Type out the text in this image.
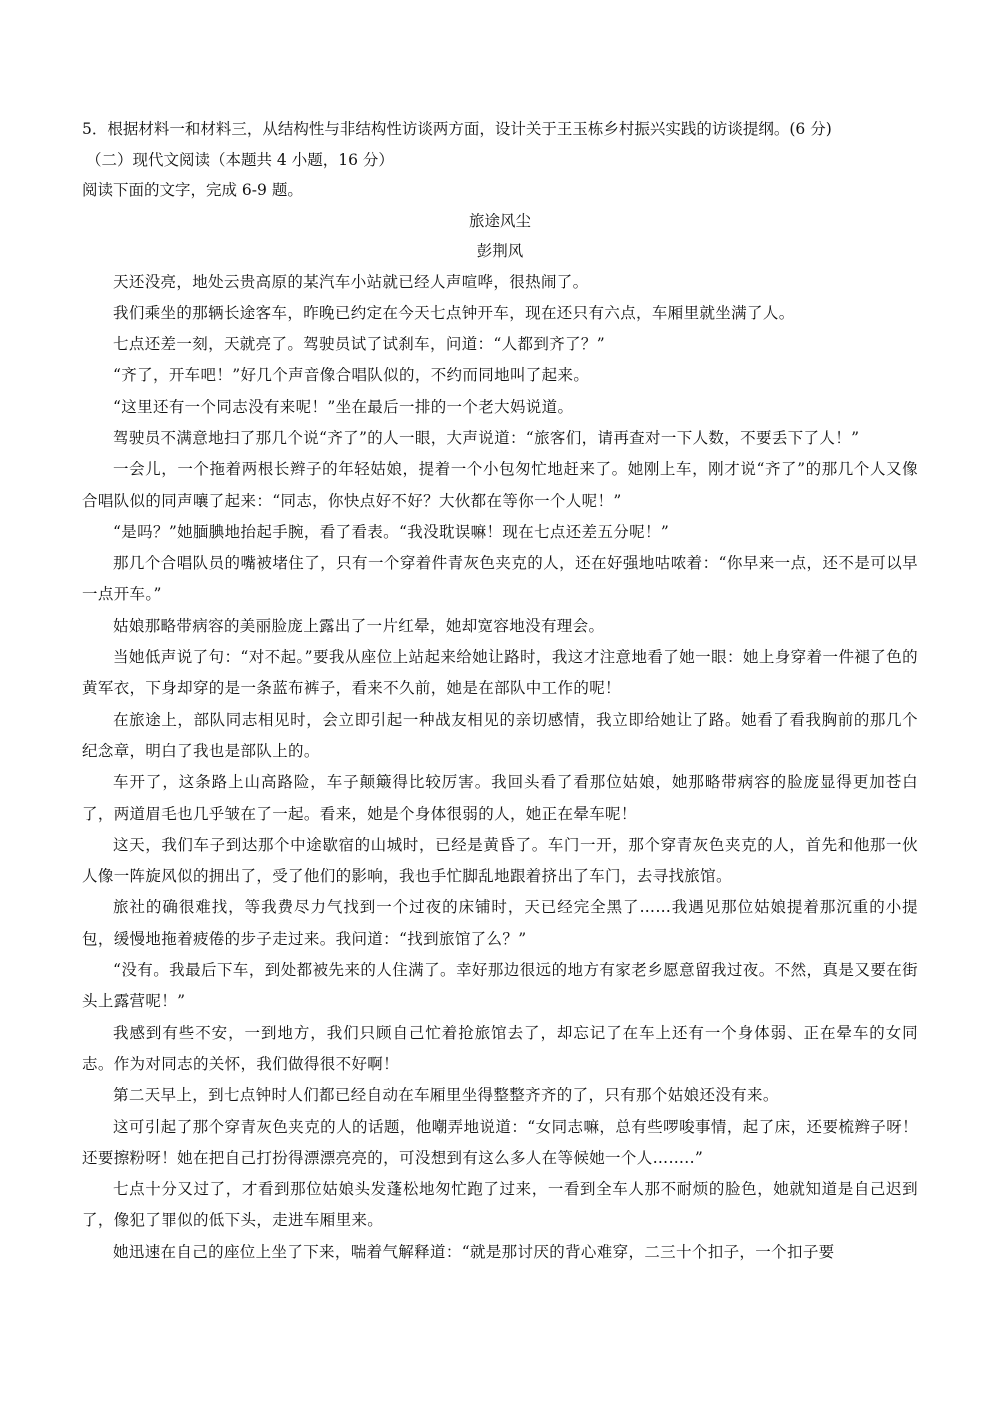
5．根据材料一和材料三，从结构性与非结构性访谈两方面，设计关于王玉栋乡村振兴实践的访谈提纲。(6 分)

（二）现代文阅读（本题共 4 小题，16 分）

阅读下面的文字，完成 6-9 题。

旅途风尘

彭荆风

天还没亮，地处云贵高原的某汽车小站就已经人声喧哗，很热闹了。

我们乘坐的那辆长途客车，昨晚已约定在今天七点钟开车，现在还只有六点，车厢里就坐满了人。

七点还差一刻，天就亮了。驾驶员试了试刹车，问道：“人都到齐了？”

“齐了，开车吧！”好几个声音像合唱队似的，不约而同地叫了起来。

“这里还有一个同志没有来呢！”坐在最后一排的一个老大妈说道。

驾驶员不满意地扫了那几个说“齐了”的人一眼，大声说道：“旅客们，请再查对一下人数，不要丢下了人！”

一会儿，一个拖着两根长辫子的年轻姑娘，提着一个小包匆忙地赶来了。她刚上车，刚才说“齐了”的那几个人又像合唱队似的同声嚷了起来：“同志，你快点好不好？大伙都在等你一个人呢！”

“是吗？”她腼腆地抬起手腕，看了看表。“我没耽误嘛！现在七点还差五分呢！”

那几个合唱队员的嘴被堵住了，只有一个穿着件青灰色夹克的人，还在好强地咕哝着：“你早来一点，还不是可以早一点开车。”

姑娘那略带病容的美丽脸庞上露出了一片红晕，她却宽容地没有理会。

当她低声说了句：“对不起。”要我从座位上站起来给她让路时，我这才注意地看了她一眼：她上身穿着一件褪了色的黄军衣，下身却穿的是一条蓝布裤子，看来不久前，她是在部队中工作的呢！

在旅途上，部队同志相见时，会立即引起一种战友相见的亲切感情，我立即给她让了路。她看了看我胸前的那几个纪念章，明白了我也是部队上的。

车开了，这条路上山高路险，车子颠簸得比较厉害。我回头看了看那位姑娘，她那略带病容的脸庞显得更加苍白了，两道眉毛也几乎皱在了一起。看来，她是个身体很弱的人，她正在晕车呢！

这天，我们车子到达那个中途歇宿的山城时，已经是黄昏了。车门一开，那个穿青灰色夹克的人，首先和他那一伙人像一阵旋风似的拥出了，受了他们的影响，我也手忙脚乱地跟着挤出了车门，去寻找旅馆。

旅社的确很难找，等我费尽力气找到一个过夜的床铺时，天已经完全黑了……我遇见那位姑娘提着那沉重的小提包，缓慢地拖着疲倦的步子走过来。我问道：“找到旅馆了么？”

“没有。我最后下车，到处都被先来的人住满了。幸好那边很远的地方有家老乡愿意留我过夜。不然，真是又要在街头上露营呢！”

我感到有些不安，一到地方，我们只顾自己忙着抢旅馆去了，却忘记了在车上还有一个身体弱、正在晕车的女同志。作为对同志的关怀，我们做得很不好啊！

第二天早上，到七点钟时人们都已经自动在车厢里坐得整整齐齐的了，只有那个姑娘还没有来。

这可引起了那个穿青灰色夹克的人的话题，他嘲弄地说道：“女同志嘛，总有些啰唆事情，起了床，还要梳辫子呀！还要擦粉呀！她在把自己打扮得漂漂亮亮的，可没想到有这么多人在等候她一个人……..”

七点十分又过了，才看到那位姑娘头发蓬松地匆忙跑了过来，一看到全车人那不耐烦的脸色，她就知道是自己迟到了，像犯了罪似的低下头，走进车厢里来。

她迅速在自己的座位上坐了下来，喘着气解释道：“就是那讨厌的背心难穿，二三十个扣子，一个扣子要
